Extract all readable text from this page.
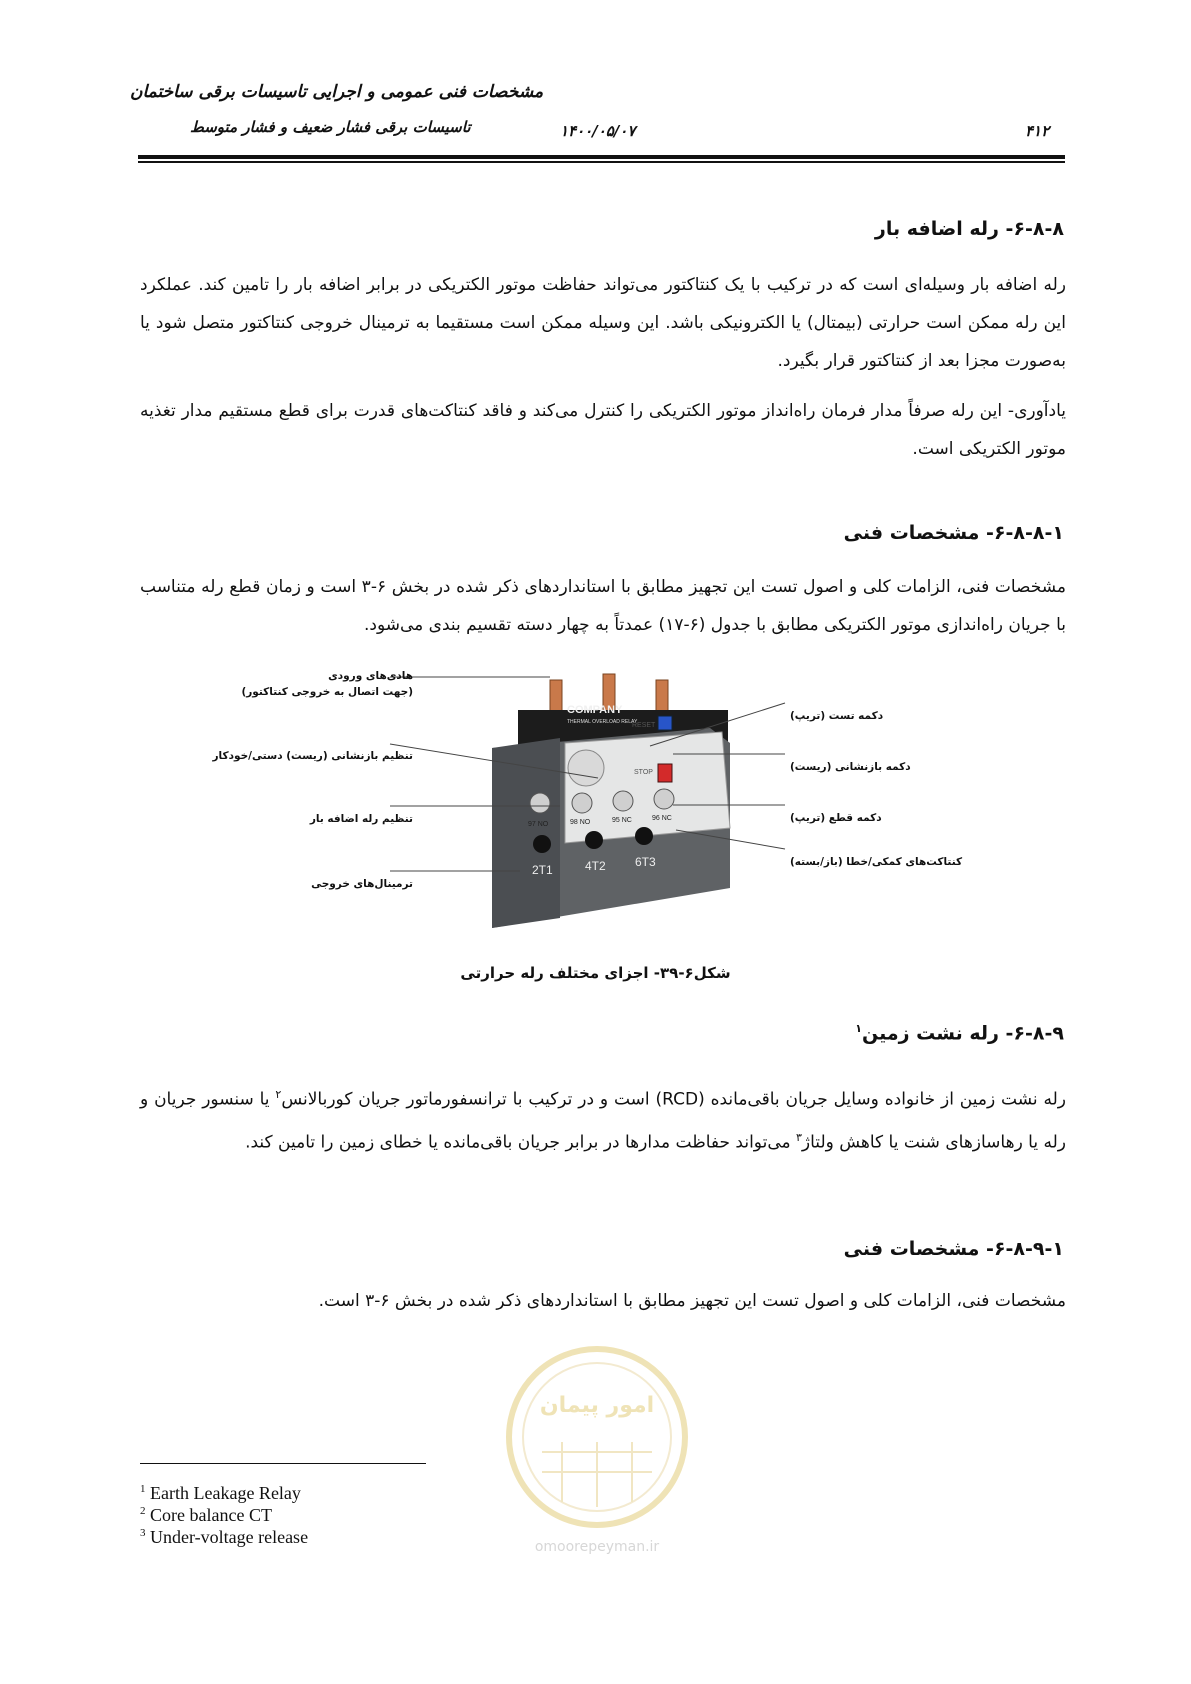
مشخصات فنی عمومی و اجرایی تاسیسات برقی ساختمان
تاسیسات برقی فشار ضعیف و فشار متوسط	۱۴۰۰/۰۵/۰۷	۴۱۲
۶-۸-۸- رله اضافه بار
رله اضافه بار وسیله‌ای است که در ترکیب با یک کنتاکتور می‌تواند حفاظت موتور الکتریکی در برابر اضافه بار را تامین کند. عملکرد این رله ممکن است حرارتی (بیمتال) یا الکترونیکی باشد. این وسیله ممکن است مستقیما به ترمینال خروجی کنتاکتور متصل شود یا به‌صورت مجزا بعد از کنتاکتور قرار بگیرد.
یادآوری- این رله صرفاً مدار فرمان راه‌انداز موتور الکتریکی را کنترل می‌کند و فاقد کنتاکت‌های قدرت برای قطع مستقیم مدار تغذیه موتور الکتریکی است.
۶-۸-۸-۱- مشخصات فنی
مشخصات فنی، الزامات کلی و اصول تست این تجهیز مطابق با استانداردهای ذکر شده در بخش ۶-۳ است و زمان قطع رله متناسب با جریان راه‌اندازی موتور الکتریکی مطابق با جدول (۶-۱۷) عمدتاً به چهار دسته تقسیم بندی می‌شود.
COMPANY
THERMAL OVERLOAD RELAY
RESET
STOP
97 NO	98 NO	95 NC	96 NC
2T1	4T2 6T3
هادی‌های ورودی
(جهت اتصال به خروجی کنتاکتور)
تنظیم بازنشانی (ریست) دستی/خودکار
تنظیم رله اضافه بار
ترمینال‌های خروجی
دکمه تست (تریپ)
دکمه بازنشانی (ریست)
دکمه قطع (تریپ)
کنتاکت‌های کمکی/خطا (باز/بسته)
شکل۶-۳۹- اجزای مختلف رله حرارتی
۶-۸-۹- رله نشت زمین$^۱$
رله نشت زمین از خانواده وسایل جریان باقی‌مانده (RCD) است و در ترکیب با ترانسفورماتور جریان کوربالانس$^۲$ یا سنسور جریان و رله یا رهاسازهای شنت یا کاهش ولتاژ$^۳$ می‌تواند حفاظت مدارها در برابر جریان باقی‌مانده یا خطای زمین را تامین کند.
۶-۸-۹-۱- مشخصات فنی
مشخصات فنی، الزامات کلی و اصول تست این تجهیز مطابق با استانداردهای ذکر شده در بخش ۶-۳ است.
امور پیمان
omoorepeyman.ir
$^1$ Earth Leakage Relay
$^2$ Core balance CT
$^3$ Under-voltage release
